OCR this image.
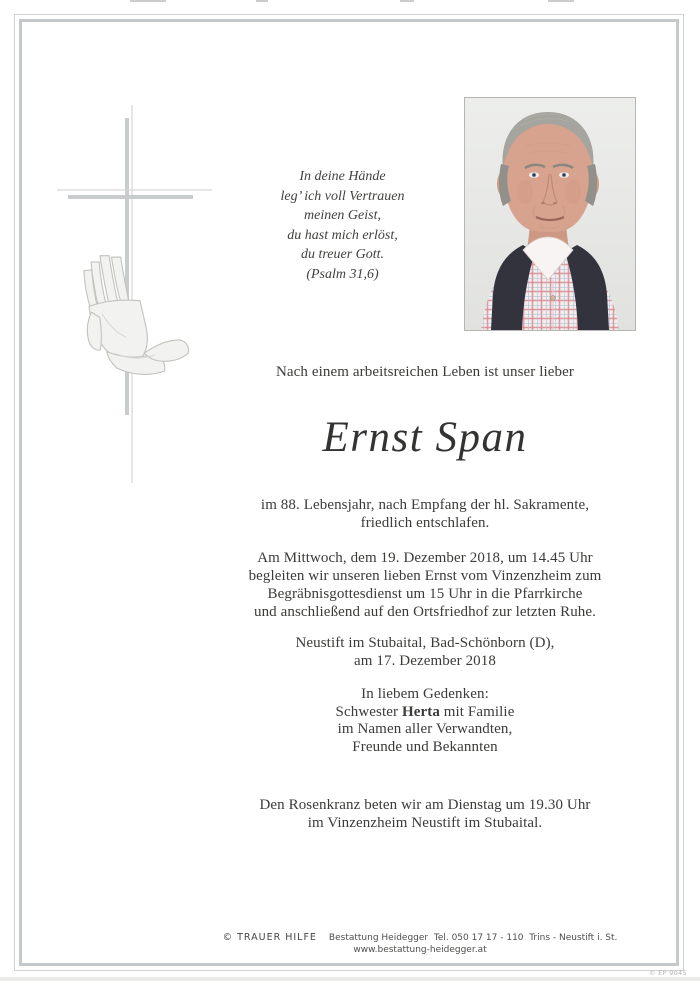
In deine Hände
leg’ ich voll Vertrauen
meinen Geist,
du hast mich erlöst,
du treuer Gott.
(Psalm 31,6)
Nach einem arbeitsreichen Leben ist unser lieber
Ernst Span
im 88. Lebensjahr, nach Empfang der hl. Sakramente,
friedlich entschlafen.
Am Mittwoch, dem 19. Dezember 2018, um 14.45 Uhr
begleiten wir unseren lieben Ernst vom Vinzenzheim zum
Begräbnisgottesdienst um 15 Uhr in die Pfarrkirche
und anschließend auf den Ortsfriedhof zur letzten Ruhe.
Neustift im Stubaital, Bad-Schönborn (D),
am 17. Dezember 2018
In liebem Gedenken:
Schwester Herta mit Familie
im Namen aller Verwandten,
Freunde und Bekannten
Den Rosenkranz beten wir am Dienstag um 19.30 Uhr
im Vinzenzheim Neustift im Stubaital.
© TRAUER HILFE Bestattung Heidegger  Tel. 050 17 17 - 110  Trins - Neustift i. St.
www.bestattung-heidegger.at
© EP 9045
